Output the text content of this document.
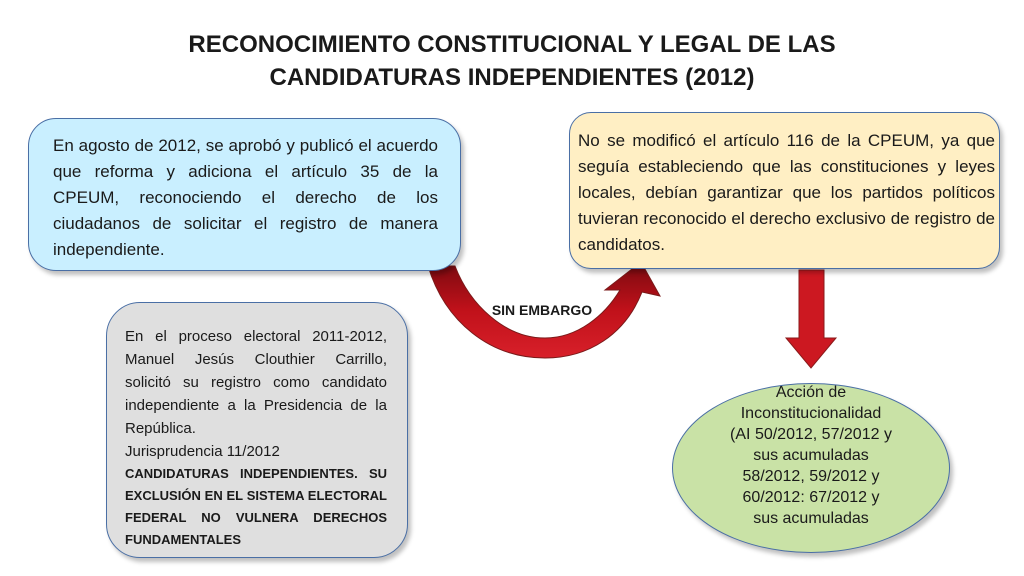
RECONOCIMIENTO CONSTITUCIONAL Y LEGAL DE LAS
CANDIDATURAS INDEPENDIENTES (2012)
En agosto de 2012, se aprobó y publicó el acuerdo que reforma y adiciona el artículo 35 de la CPEUM, reconociendo el derecho de los ciudadanos de solicitar el registro de manera independiente.
No se modificó el artículo 116 de la CPEUM, ya que seguía estableciendo que las constituciones y leyes locales, debían garantizar que los partidos políticos tuvieran reconocido el derecho exclusivo de registro de candidatos.
SIN EMBARGO
En el proceso electoral 2011-2012, Manuel Jesús Clouthier Carrillo, solicitó su registro como candidato independiente a la Presidencia de la República.
Jurisprudencia 11/2012
CANDIDATURAS INDEPENDIENTES. SU EXCLUSIÓN EN EL SISTEMA ELECTORAL FEDERAL NO VULNERA DERECHOS FUNDAMENTALES
Acción de
Inconstitucionalidad
(AI 50/2012, 57/2012 y
sus acumuladas
58/2012, 59/2012 y
60/2012: 67/2012 y
sus acumuladas
